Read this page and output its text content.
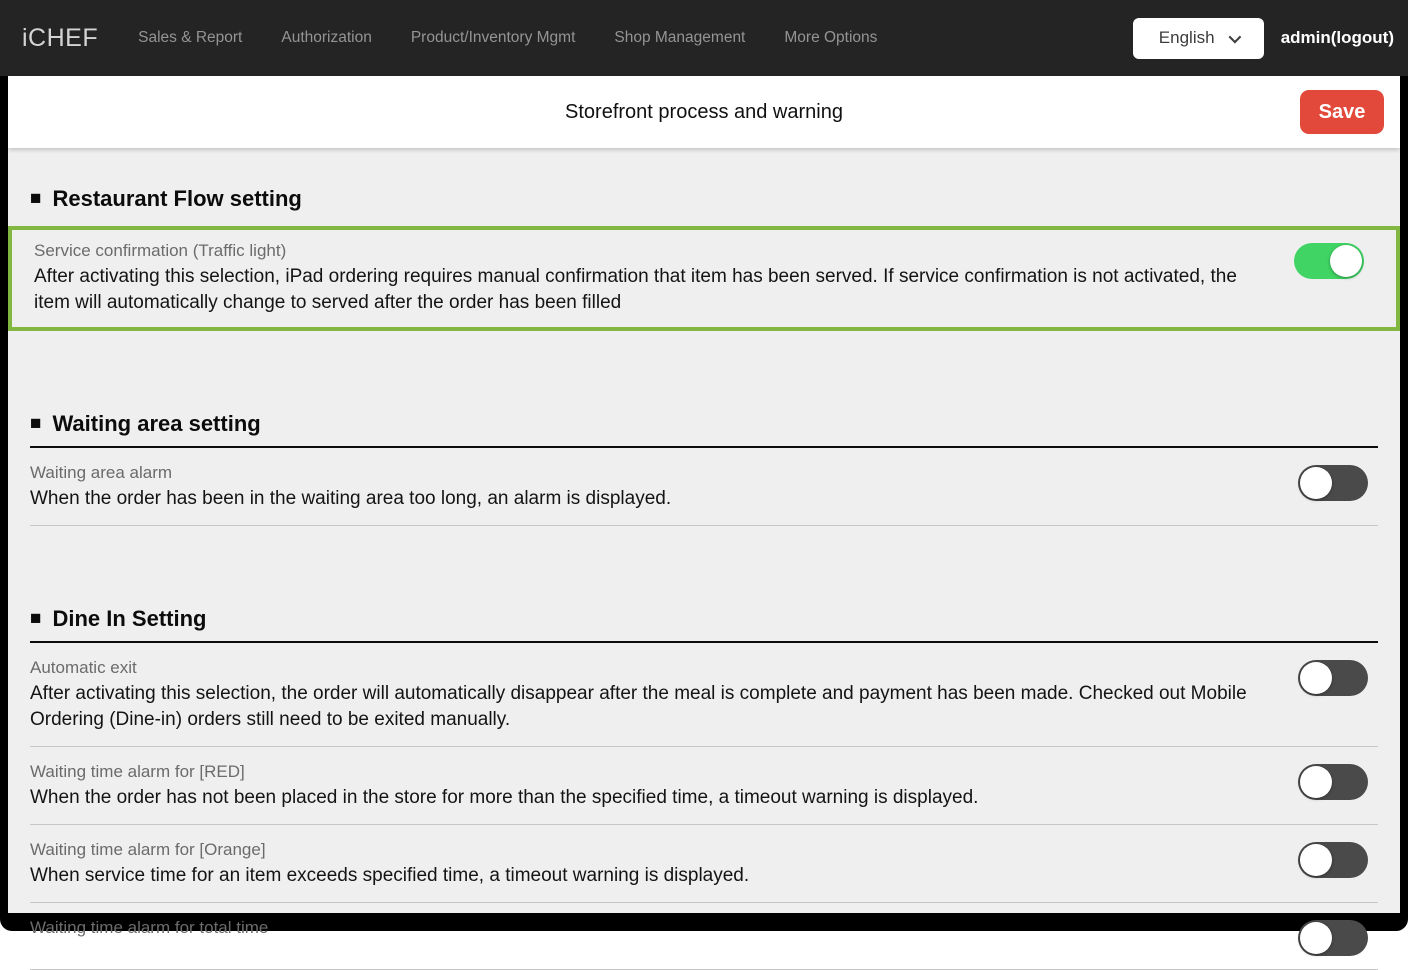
iCHEF	Sales & Report	Authorization	Product/Inventory Mgmt	Shop Management	More Options	English	admin(logout)
Storefront process and warning	Save
■ Restaurant Flow setting
Service confirmation (Traffic light)
After activating this selection, iPad ordering requires manual confirmation that item has been served. If service confirmation is not activated, the item will automatically change to served after the order has been filled
■ Waiting area setting
Waiting area alarm
When the order has been in the waiting area too long, an alarm is displayed.
■ Dine In Setting
Automatic exit
After activating this selection, the order will automatically disappear after the meal is complete and payment has been made. Checked out Mobile Ordering (Dine-in) orders still need to be exited manually.
Waiting time alarm for [RED]
When the order has not been placed in the store for more than the specified time, a timeout warning is displayed.
Waiting time alarm for [Orange]
When service time for an item exceeds specified time, a timeout warning is displayed.
Waiting time alarm for total time
